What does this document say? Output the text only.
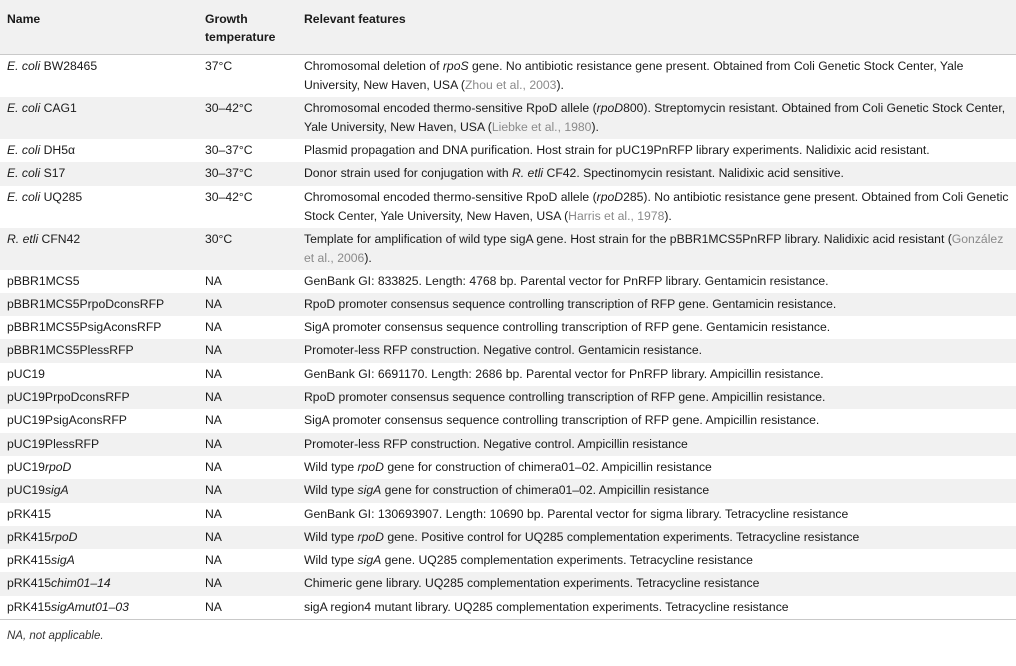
Name	Growth temperature	Relevant features
E. coli BW28465	37°C	Chromosomal deletion of rpoS gene. No antibiotic resistance gene present. Obtained from Coli Genetic Stock Center, Yale University, New Haven, USA (Zhou et al., 2003).
E. coli CAG1	30–42°C	Chromosomal encoded thermo-sensitive RpoD allele (rpoD800). Streptomycin resistant. Obtained from Coli Genetic Stock Center, Yale University, New Haven, USA (Liebke et al., 1980).
E. coli DH5α	30–37°C	Plasmid propagation and DNA purification. Host strain for pUC19PnRFP library experiments. Nalidixic acid resistant.
E. coli S17	30–37°C	Donor strain used for conjugation with R. etli CF42. Spectinomycin resistant. Nalidixic acid sensitive.
E. coli UQ285	30–42°C	Chromosomal encoded thermo-sensitive RpoD allele (rpoD285). No antibiotic resistance gene present. Obtained from Coli Genetic Stock Center, Yale University, New Haven, USA (Harris et al., 1978).
R. etli CFN42	30°C	Template for amplification of wild type sigA gene. Host strain for the pBBR1MCS5PnRFP library. Nalidixic acid resistant (González et al., 2006).
pBBR1MCS5	NA	GenBank GI: 833825. Length: 4768 bp. Parental vector for PnRFP library. Gentamicin resistance.
pBBR1MCS5PrpoDconsRFP	NA	RpoD promoter consensus sequence controlling transcription of RFP gene. Gentamicin resistance.
pBBR1MCS5PsigAconsRFP	NA	SigA promoter consensus sequence controlling transcription of RFP gene. Gentamicin resistance.
pBBR1MCS5PlessRFP	NA	Promoter-less RFP construction. Negative control. Gentamicin resistance.
pUC19	NA	GenBank GI: 6691170. Length: 2686 bp. Parental vector for PnRFP library. Ampicillin resistance.
pUC19PrpoDconsRFP	NA	RpoD promoter consensus sequence controlling transcription of RFP gene. Ampicillin resistance.
pUC19PsigAconsRFP	NA	SigA promoter consensus sequence controlling transcription of RFP gene. Ampicillin resistance.
pUC19PlessRFP	NA	Promoter-less RFP construction. Negative control. Ampicillin resistance
pUC19rpoD	NA	Wild type rpoD gene for construction of chimera01–02. Ampicillin resistance
pUC19sigA	NA	Wild type sigA gene for construction of chimera01–02. Ampicillin resistance
pRK415	NA	GenBank GI: 130693907. Length: 10690 bp. Parental vector for sigma library. Tetracycline resistance
pRK415rpoD	NA	Wild type rpoD gene. Positive control for UQ285 complementation experiments. Tetracycline resistance
pRK415sigA	NA	Wild type sigA gene. UQ285 complementation experiments. Tetracycline resistance
pRK415chim01–14	NA	Chimeric gene library. UQ285 complementation experiments. Tetracycline resistance
pRK415sigAmut01–03	NA	sigA region4 mutant library. UQ285 complementation experiments. Tetracycline resistance
NA, not applicable.
